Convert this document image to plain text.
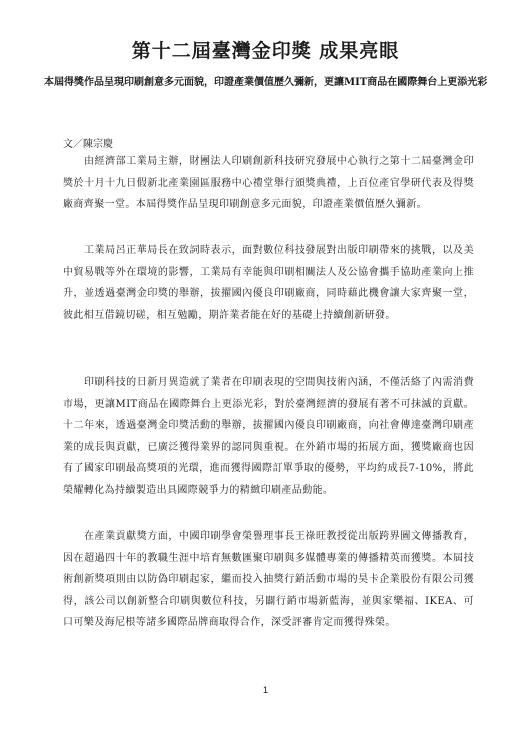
第十二屆臺灣金印獎 成果亮眼

本屆得獎作品呈現印刷創意多元面貌，印證產業價值歷久彌新，更讓MIT商品在國際舞台上更添光彩

文／陳宗慶

由經濟部工業局主辦，財團法人印刷創新科技研究發展中心執行之第十二屆臺灣金印獎於十月十九日假新北產業園區服務中心禮堂舉行頒獎典禮，上百位產官學研代表及得獎廠商齊聚一堂。本屆得獎作品呈現印刷創意多元面貌，印證產業價值歷久彌新。

工業局呂正華局長在致詞時表示，面對數位科技發展對出版印刷帶來的挑戰，以及美中貿易戰等外在環境的影響，工業局有幸能與印刷相關法人及公協會攜手協助產業向上推升，並透過臺灣金印獎的舉辦，拔擢國內優良印刷廠商，同時藉此機會讓大家齊聚一堂，彼此相互借鏡切磋，相互勉勵，期許業者能在好的基礎上持續創新研發。

印刷科技的日新月異造就了業者在印刷表現的空間與技術內涵，不僅活絡了內需消費市場，更讓MIT商品在國際舞台上更添光彩，對於臺灣經濟的發展有著不可抹滅的貢獻。十二年來，透過臺灣金印獎活動的舉辦，拔擢國內優良印刷廠商，向社會傳達臺灣印刷產業的成長與貢獻，已廣泛獲得業界的認同與重視。在外銷市場的拓展方面，獲獎廠商也因有了國家印刷最高獎項的光環，進而獲得國際訂單爭取的優勢，平均約成長7-10%，將此榮耀轉化為持續製造出具國際競爭力的精緻印刷產品動能。

在產業貢獻獎方面，中國印刷學會榮譽理事長王祿旺教授從出版跨界圖文傳播教育，因在超過四十年的教職生涯中培育無數匯聚印刷與多媒體專業的傳播精英而獲獎。本屆技術創新獎項則由以防偽印刷起家，繼而投入抽獎行銷活動市場的昊卡企業股份有限公司獲得，該公司以創新整合印刷與數位科技，另闢行銷市場新藍海，並與家樂福、IKEA、可口可樂及海尼根等諸多國際品牌商取得合作，深受評審肯定而獲得殊榮。

1
